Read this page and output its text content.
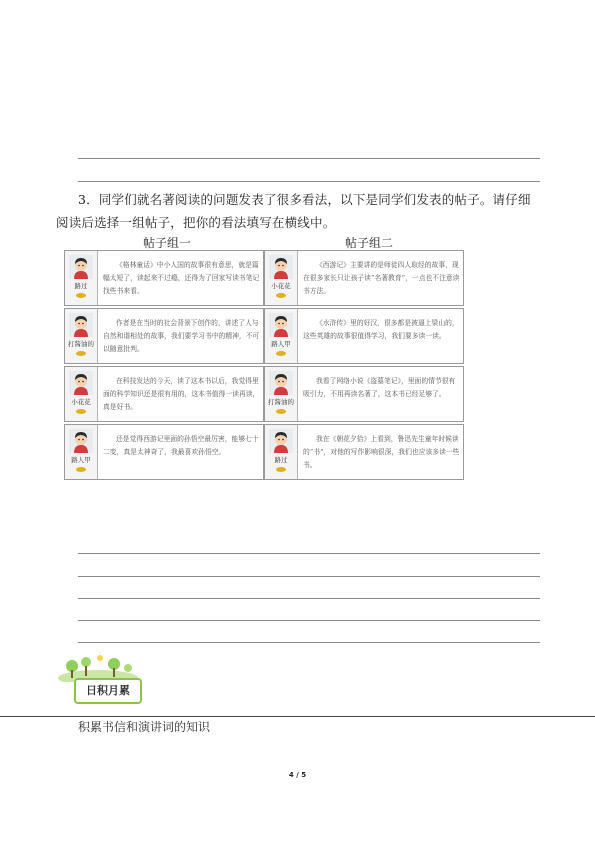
3．同学们就名著阅读的问题发表了很多看法，以下是同学们发表的帖子。请仔细阅读后选择一组帖子，把你的看法填写在横线中。
帖子组一	帖子组二
路过
《格林童话》中小人国的故事很有意思，就是篇幅太短了，读起来不过瘾，还得为了回家写读书笔记找些书来看。
打酱油的
作者是在当时的社会背景下创作的，讲述了人与自然和谐相处的故事，我们要学习书中的精神，不可以随意批判。
小花花
在科技发达的今天，读了这本书以后，我觉得里面的科学知识还是很有用的，这本书值得一读再读，真是好书。
路人甲
还是觉得西游记里面的孙悟空最厉害，能够七十二变，真是太神奇了，我最喜欢孙悟空。
小花花
《西游记》主要讲的是师徒四人取经的故事，现在很多家长只让孩子读“名著教育”，一点也不注意读书方法。
路人甲
《水浒传》里的好汉，很多都是被逼上梁山的，这些英雄的故事很值得学习，我们要多读一读。
打酱油的
我看了网络小说《盗墓笔记》，里面的情节很有吸引力，不用再读名著了，这本书已经足够了。
路过
我在《朝花夕拾》上看到，鲁迅先生童年时候读的“书”，对他的写作影响很深，我们也应该多读一些书。
日积月累
积累书信和演讲词的知识
4 / 5
